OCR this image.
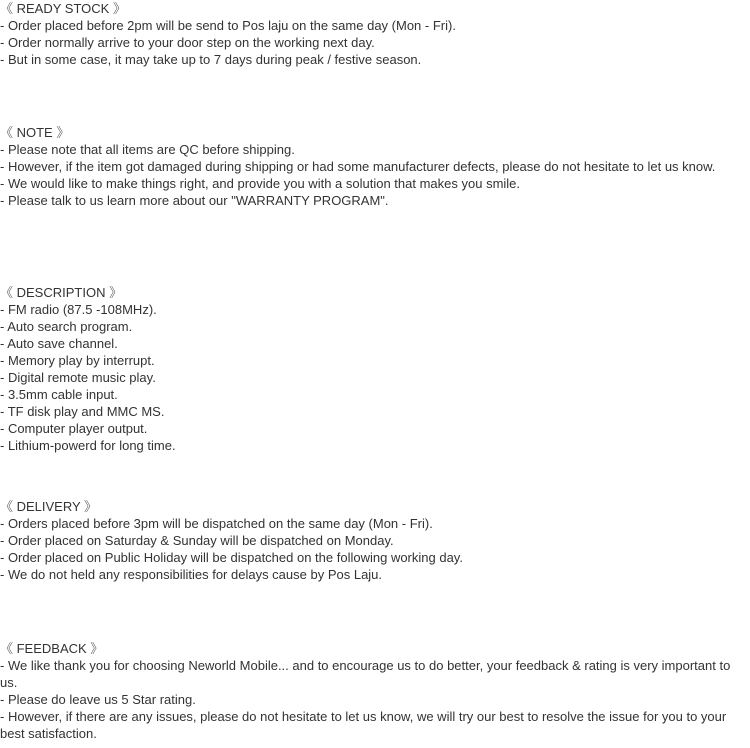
《 READY STOCK 》

- Order placed before 2pm will be send to Pos laju on the same day (Mon - Fri).

- Order normally arrive to your door step on the working next day.

- But in some case, it may take up to 7 days during peak / festive season.

《 NOTE 》

- Please note that all items are QC before shipping.

- However, if the item got damaged during shipping or had some manufacturer defects, please do not hesitate to let us know.

- We would like to make things right, and provide you with a solution that makes you smile.

- Please talk to us learn more about our "WARRANTY PROGRAM".

《 DESCRIPTION 》

- FM radio (87.5 -108MHz).

- Auto search program.

- Auto save channel.

- Memory play by interrupt.

- Digital remote music play.

- 3.5mm cable input.

- TF disk play and MMC MS.

- Computer player output.

- Lithium-powerd for long time.

《 DELIVERY 》

- Orders placed before 3pm will be dispatched on the same day (Mon - Fri).

- Order placed on Saturday & Sunday will be dispatched on Monday.

- Order placed on Public Holiday will be dispatched on the following working day.

- We do not held any responsibilities for delays cause by Pos Laju.

《 FEEDBACK 》

- We like thank you for choosing Neworld Mobile... and to encourage us to do better, your feedback & rating is very important to us.

- Please do leave us 5 Star rating.

- However, if there are any issues, please do not hesitate to let us know, we will try our best to resolve the issue for you to your best satisfaction.
